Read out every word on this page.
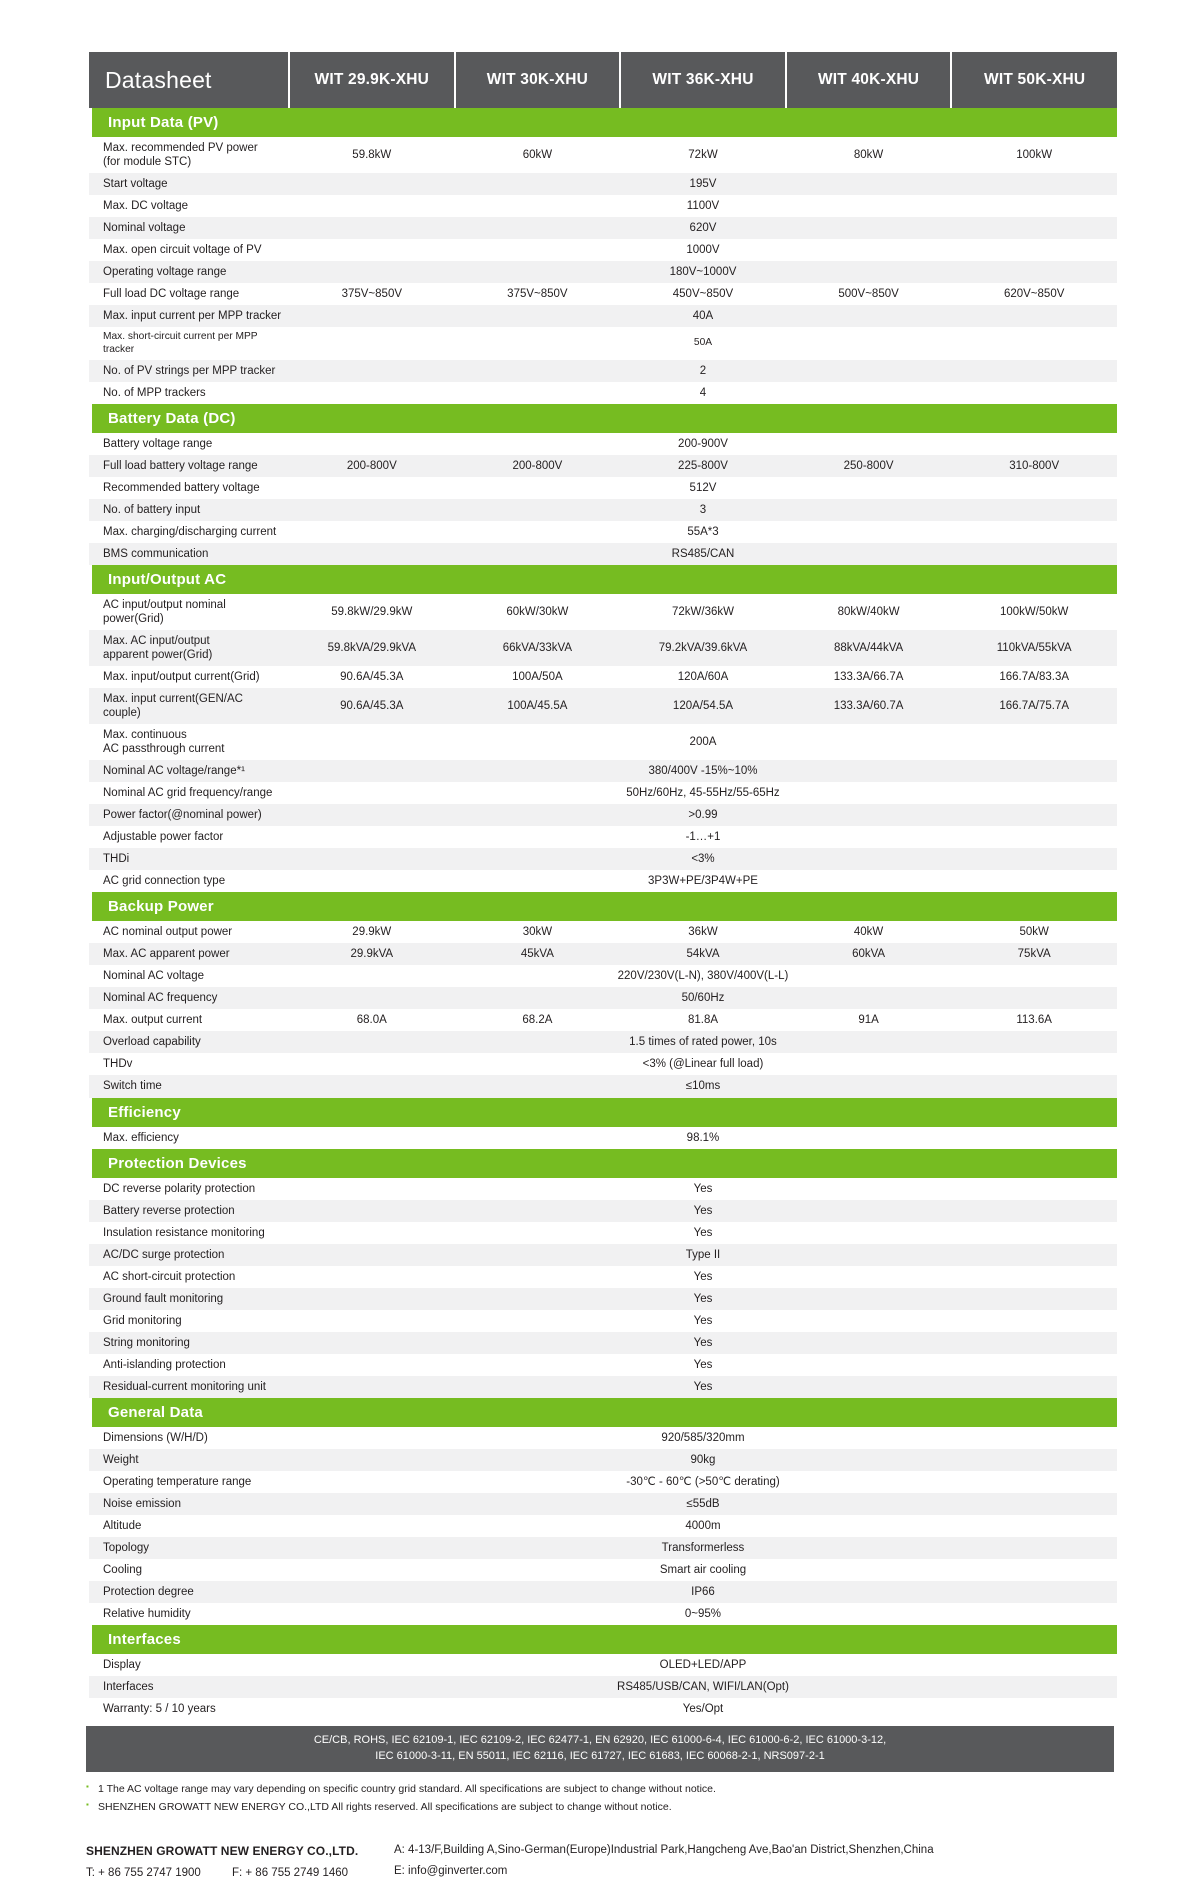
Datasheet	WIT 29.9K-XHU	WIT 30K-XHU	WIT 36K-XHU	WIT 40K-XHU	WIT 50K-XHU
Input Data (PV)					
Max. recommended PV power
(for module STC)	59.8kW	60kW	72kW	80kW	100kW
Start voltage	195V				
Max. DC voltage	1100V				
Nominal voltage	620V				
Max. open circuit voltage of PV	1000V				
Operating voltage range	180V~1000V				
Full load DC voltage range	375V~850V	375V~850V	450V~850V	500V~850V	620V~850V
Max. input current per MPP tracker	40A				
Max. short-circuit current per MPP tracker	50A				
No. of PV strings per MPP tracker	2				
No. of MPP trackers	4				
Battery Data (DC)					
Battery voltage range	200-900V				
Full load battery voltage range	200-800V	200-800V	225-800V	250-800V	310-800V
Recommended battery voltage	512V				
No. of battery input	3				
Max. charging/discharging current	55A*3				
BMS communication	RS485/CAN				
Input/Output AC					
AC input/output nominal power(Grid)	59.8kW/29.9kW	60kW/30kW	72kW/36kW	80kW/40kW	100kW/50kW
Max. AC input/output
apparent power(Grid)	59.8kVA/29.9kVA	66kVA/33kVA	79.2kVA/39.6kVA	88kVA/44kVA	110kVA/55kVA
Max. input/output current(Grid)	90.6A/45.3A	100A/50A	120A/60A	133.3A/66.7A	166.7A/83.3A
Max. input current(GEN/AC couple)	90.6A/45.3A	100A/45.5A	120A/54.5A	133.3A/60.7A	166.7A/75.7A
Max. continuous
AC passthrough current	200A				
Nominal AC voltage/range*¹	380/400V -15%~10%				
Nominal AC grid frequency/range	50Hz/60Hz, 45-55Hz/55-65Hz				
Power factor(@nominal power)	>0.99				
Adjustable power factor	-1…+1				
THDi	<3%				
AC grid connection type	3P3W+PE/3P4W+PE				
Backup Power					
AC nominal output power	29.9kW	30kW	36kW	40kW	50kW
Max. AC apparent power	29.9kVA	45kVA	54kVA	60kVA	75kVA
Nominal AC voltage	220V/230V(L-N), 380V/400V(L-L)				
Nominal AC frequency	50/60Hz				
Max. output current	68.0A	68.2A	81.8A	91A	113.6A
Overload capability	1.5 times of rated power, 10s				
THDv	<3% (@Linear full load)				
Switch time	≤10ms				
Efficiency					
Max. efficiency	98.1%				
Protection Devices					
DC reverse polarity protection	Yes				
Battery reverse protection	Yes				
Insulation resistance monitoring	Yes				
AC/DC surge protection	Type II				
AC short-circuit protection	Yes				
Ground fault monitoring	Yes				
Grid monitoring	Yes				
String monitoring	Yes				
Anti-islanding protection	Yes				
Residual-current monitoring unit	Yes				
General Data					
Dimensions (W/H/D)	920/585/320mm				
Weight	90kg				
Operating temperature range	-30℃ - 60℃ (>50℃ derating)				
Noise emission	≤55dB				
Altitude	4000m				
Topology	Transformerless				
Cooling	Smart air cooling				
Protection degree	IP66				
Relative humidity	0~95%				
Interfaces					
Display	OLED+LED/APP				
Interfaces	RS485/USB/CAN, WIFI/LAN(Opt)				
Warranty: 5 / 10 years	Yes/Opt				
CE/CB, ROHS, IEC 62109-1, IEC 62109-2, IEC 62477-1, EN 62920, IEC 61000-6-4, IEC 61000-6-2, IEC 61000-3-12,
IEC 61000-3-11, EN 55011, IEC 62116, IEC 61727, IEC 61683, IEC 60068-2-1, NRS097-2-1
▪ 1 The AC voltage range may vary depending on specific country grid standard. All specifications are subject to change without notice.
▪ SHENZHEN GROWATT NEW ENERGY CO.,LTD All rights reserved. All specifications are subject to change without notice.
SHENZHEN GROWATT NEW ENERGY CO.,LTD.
T: + 86 755 2747 1900	F: + 86 755 2749 1460
A: 4-13/F,Building A,Sino-German(Europe)Industrial Park,Hangcheng Ave,Bao'an District,Shenzhen,China
E: info@ginverter.com
